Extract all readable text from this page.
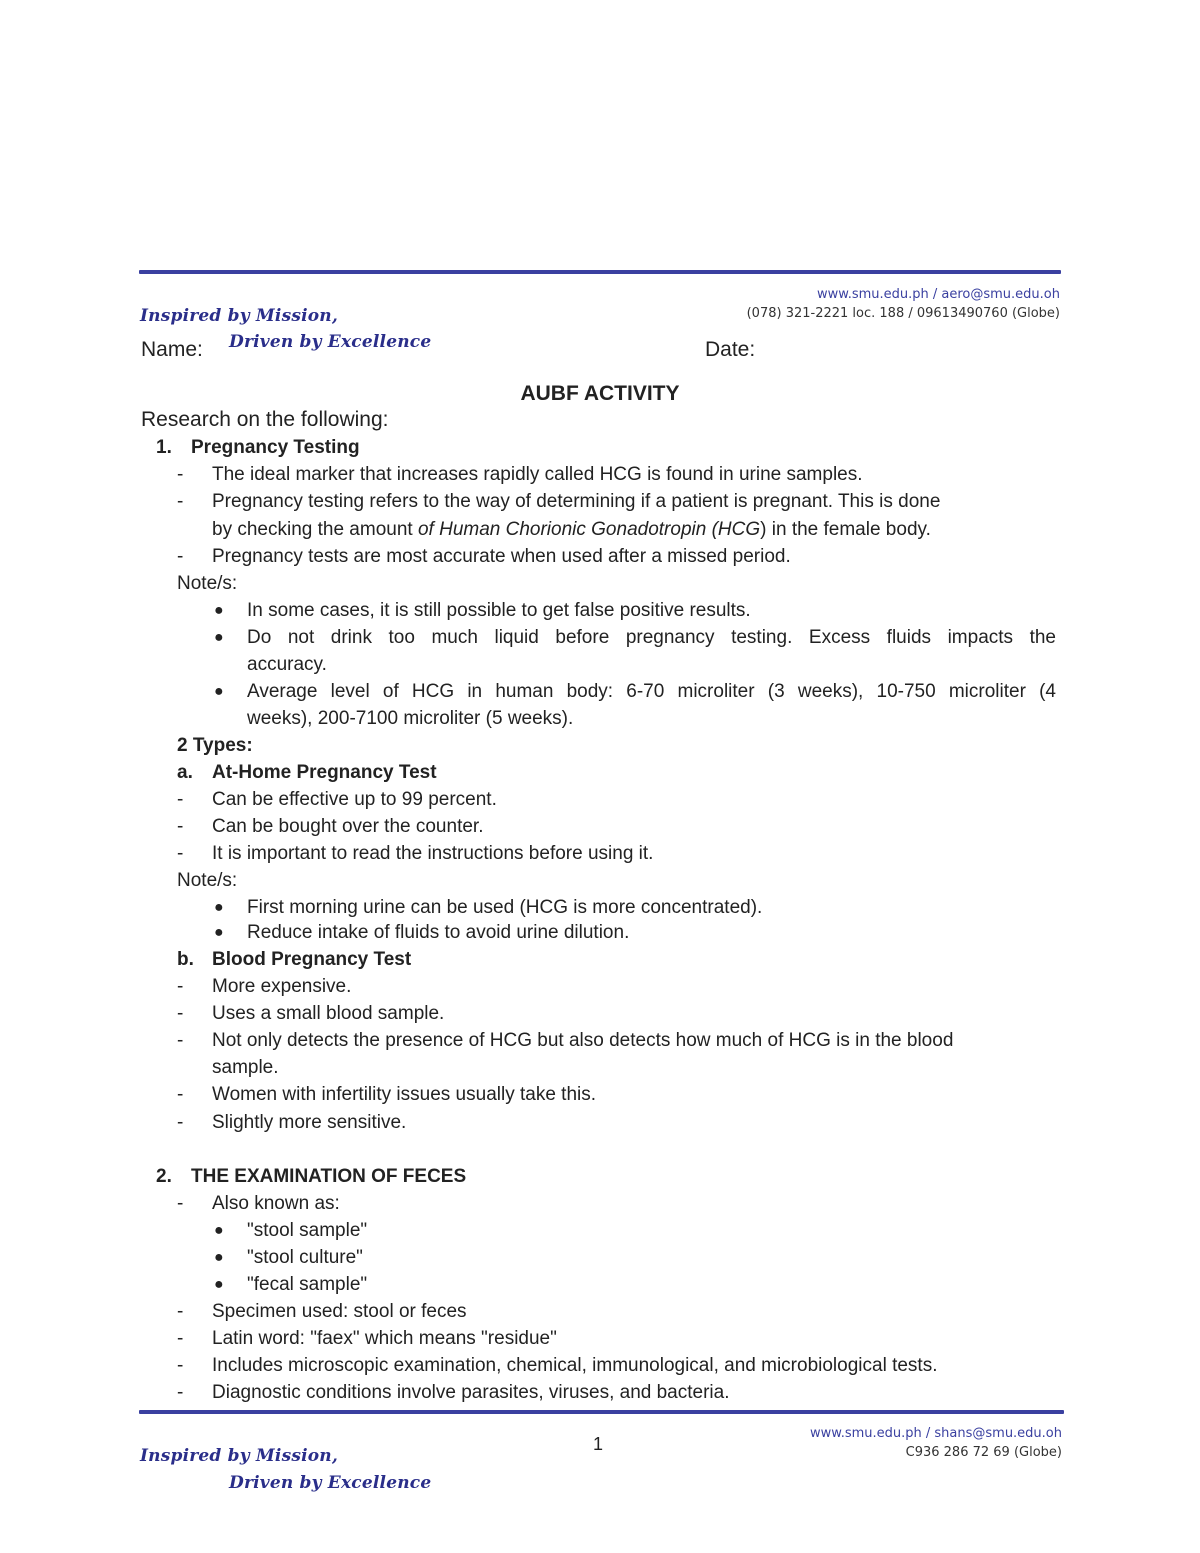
Inspired by Mission,
Driven by Excellence
www.smu.edu.ph / aero@smu.edu.oh
(078) 321-2221 loc. 188 / 09613490760 (Globe)
Name:	Date:
AUBF ACTIVITY
Research on the following:
1. Pregnancy Testing
- The ideal marker that increases rapidly called HCG is found in urine samples.
- Pregnancy testing refers to the way of determining if a patient is pregnant. This is done
by checking the amount of Human Chorionic Gonadotropin (HCG) in the female body.
- Pregnancy tests are most accurate when used after a missed period.
Note/s:
● In some cases, it is still possible to get false positive results.
● Do not drink too much liquid before pregnancy testing. Excess fluids impacts the
accuracy.
● Average level of HCG in human body: 6-70 microliter (3 weeks), 10-750 microliter (4
weeks), 200-7100 microliter (5 weeks).
2 Types:
a. At-Home Pregnancy Test
- Can be effective up to 99 percent.
- Can be bought over the counter.
- It is important to read the instructions before using it.
Note/s:
● First morning urine can be used (HCG is more concentrated).
● Reduce intake of fluids to avoid urine dilution.
b. Blood Pregnancy Test
- More expensive.
- Uses a small blood sample.
- Not only detects the presence of HCG but also detects how much of HCG is in the blood
sample.
- Women with infertility issues usually take this.
- Slightly more sensitive.
2. THE EXAMINATION OF FECES
- Also known as:
● "stool sample"
● "stool culture"
● "fecal sample"
- Specimen used: stool or feces
- Latin word: "faex" which means "residue"
- Includes microscopic examination, chemical, immunological, and microbiological tests.
- Diagnostic conditions involve parasites, viruses, and bacteria.
1
Inspired by Mission,
Driven by Excellence
www.smu.edu.ph / shans@smu.edu.oh
C936 286 72 69 (Globe)
